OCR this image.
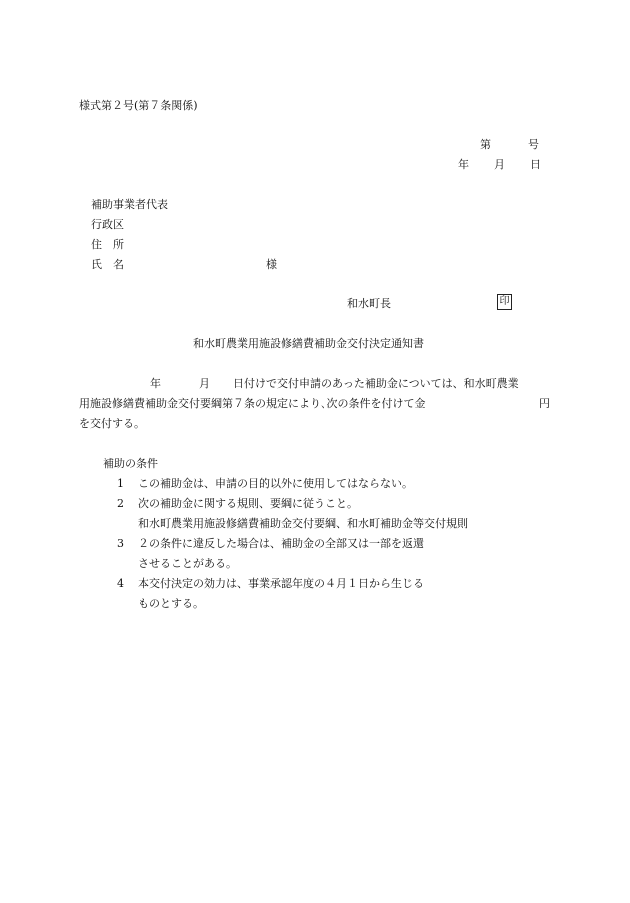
様式第２号(第７条関係)
第	号
年 月 日
補助事業者代表
行政区
住　所
氏　名	様
和水町長	印
和水町農業用施設修繕費補助金交付決定通知書
年	月 日付けで交付申請のあった補助金については、和水町農業
用施設修繕費補助金交付要綱第７条の規定により､次の条件を付けて金	円
を交付する。
補助の条件
1 この補助金は、申請の目的以外に使用してはならない。
2 次の補助金に関する規則、要綱に従うこと。
和水町農業用施設修繕費補助金交付要綱、和水町補助金等交付規則
3 ２の条件に違反した場合は、補助金の全部又は一部を返還
させることがある。
4 本交付決定の効力は、事業承認年度の４月１日から生じる
ものとする。
